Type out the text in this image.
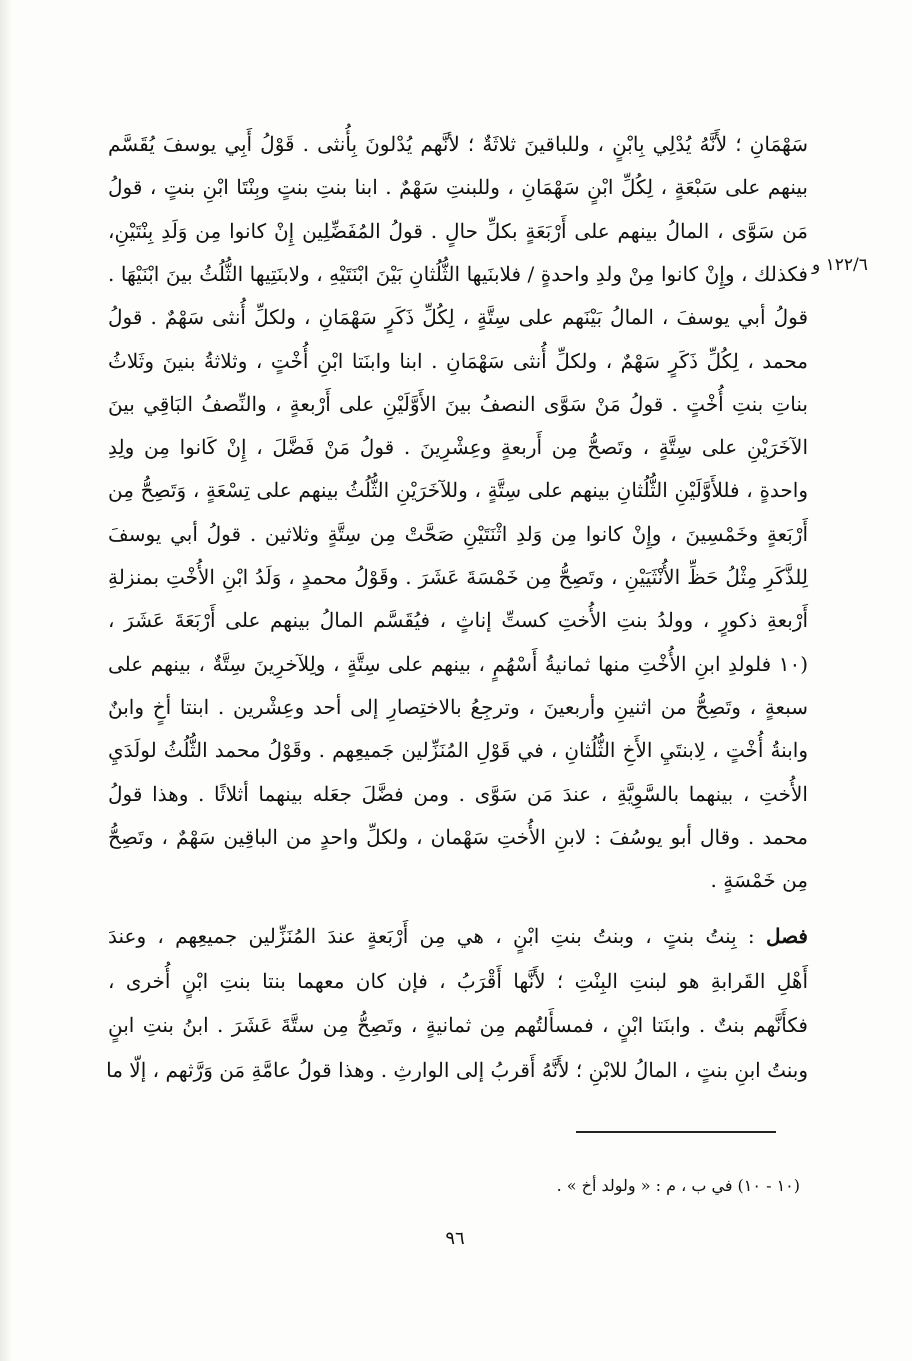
١٢٢/٦ و
سَهْمَانِ ؛ لأَنَّهُ يُدْلِي بِابْنٍ ، وللباقينَ ثلاثَةٌ ؛ لأنَّهم يُدْلونَ بِأُنثى . قَوْلُ أَبِي يوسفَ يُقَسَّم
بينهم على سَبْعَةٍ ، لِكُلِّ ابْنٍ سَهْمَانِ ، وللبنتِ سَهْمٌ . ابنا بنتِ بنتٍ وبِنْتَا ابْنِ بنتٍ ، قولُ
مَن سَوَّى ، المالُ بينهم على أَرْبَعَةٍ بكلِّ حالٍ . قولُ المُفَضِّلِين إِنْ كانوا مِن وَلَدِ بِنْتَيْنِ،
فكذلك ، وإِنْ كانوا مِنْ ولدِ واحدةٍ / فلابنَيها الثُّلُثانِ بَيْنَ ابْنَتَيْهِ ، ولابنَتِيها الثُّلُثُ بينَ ابْنَيْهَا .
قولُ أبي يوسفَ ، المالُ بَيْنَهم على سِتَّةٍ ، لِكُلِّ ذَكَرٍ سَهْمَانِ ، ولكلِّ أُنثى سَهْمٌ . قولُ
محمد ، لِكُلِّ ذَكَرٍ سَهْمٌ ، ولكلِّ أُنثى سَهْمَانِ . ابنا وابنَتا ابْنِ أُخْتٍ ، وثلاثةُ بنينَ وثَلاثُ
بناتِ بنتِ أُخْتٍ . قولُ مَنْ سَوَّى النصفُ بينَ الأَوَّلَيْنِ على أَرْبعةٍ ، والنِّصفُ البَاقِي بينَ
الآخَرَيْنِ على سِتَّةٍ ، وتَصحُّ مِن أَربعةٍ وعِشْرِينَ . قولُ مَنْ فَضَّلَ ، إِنْ كَانوا مِن ولِدِ
واحدةٍ ، فللأَوَّلَيْنِ الثُّلُثانِ بينهم على سِتَّةٍ ، وللآخَرَيْنِ الثُّلُثُ بينهم على تِسْعَةٍ ، وَتَصِحُّ مِن
أَرْبَعةٍ وخَمْسِينَ ، وإِنْ كانوا مِن وَلدِ اثْنَتَيْنِ صَحَّتْ مِن سِتَّةٍ وثلاثين . قولُ أبي يوسفَ
لِلذَّكَرِ مِثْلُ حَظِّ الأُنْثَيَيْنِ ، وتَصِحُّ مِن خَمْسَةَ عَشَرَ . وقَوْلُ محمدٍ ، وَلَدُ ابْنِ الأُخْتِ بمنزلةِ
أَرْبعةِ ذكورٍ ، وولدُ بنتِ الأُختِ كستِّ إناثٍ ، فيُقَسَّم المالُ بينهم على أَرْبَعَةَ عَشَرَ ،
(١٠ فلولدِ ابنِ الأُخْتِ منها ثمانيةُ أَسْهُمٍ ، بينهم على سِتَّةٍ ، ولِلآخرِينَ سِتَّةٌ ، بينهم على
سبعةٍ ، وتَصِحُّ من اثنينِ وأربعينَ ، وترجِعُ بالاختِصارِ إلى أحد وعِشْرين . ابنتا أخٍ وابنٌ
وابنةُ أُخْتٍ ، لِابنتَيِ الأَخِ الثُّلُثانِ ، في قَوْلِ المُنَزِّلين جَميعِهم . وقَوْلُ محمد الثُّلُثُ لولَدَيِ
الأُختِ ، بينهما بالسَّوِيَّةِ ، عندَ مَن سَوَّى . ومن فضَّلَ جعَله بينهما أثلاثًا . وهذا قولُ
محمد . وقال أبو يوسُفَ : لابنِ الأُختِ سَهْمان ، ولكلِّ واحدٍ من الباقِين سَهْمٌ ، وتَصِحُّ
مِن خَمْسَةٍ .
فصل : بِنتُ بنتٍ ، وبنتُ بنتِ ابْنٍ ، هي مِن أَرْبَعةٍ عندَ المُنَزِّلين جميعِهم ، وعندَ
أَهْلِ القَرابةِ هو لبنتِ البِنْتِ ؛ لأَنَّها أَقْرَبُ ، فإن كان معهما بنتا بنتِ ابْنٍ أُخرى ،
فكأَنَّهم بنتٌ . وابنَتا ابْنٍ ، فمسأَلتُهم مِن ثمانيةٍ ، وتَصِحُّ مِن ستَّةَ عَشَرَ . ابنُ بنتِ ابنٍ
وبنتُ ابنِ بنتٍ ، المالُ للابْنِ ؛ لأَنَّهُ أَقربُ إلى الوارثِ . وهذا قولُ عامَّةِ مَن وَرَّثهم ، إلّا ما
(١٠ - ١٠) في ب ، م : « ولولد أخ » .
٩٦
